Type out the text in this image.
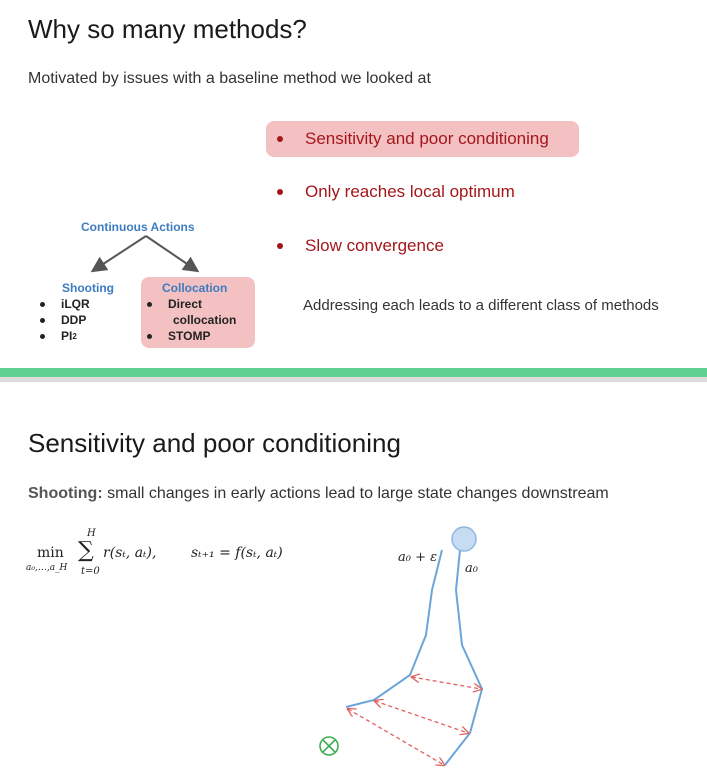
Why so many methods?
Motivated by issues with a baseline method we looked at
Sensitivity and poor conditioning
Only reaches local optimum
Slow convergence
Addressing each leads to a different class of methods
Continuous Actions
Shooting
iLQR
DDP
PI 2
Collocation
Direct
collocation
STOMP
Sensitivity and poor conditioning
Shooting: small changes in early actions lead to large state changes downstream
min
a₀,…,a_H
H
∑
t=0
r(sₜ, aₜ), sₜ₊₁ = f(sₜ, aₜ)	a₀ + ε
a₀
